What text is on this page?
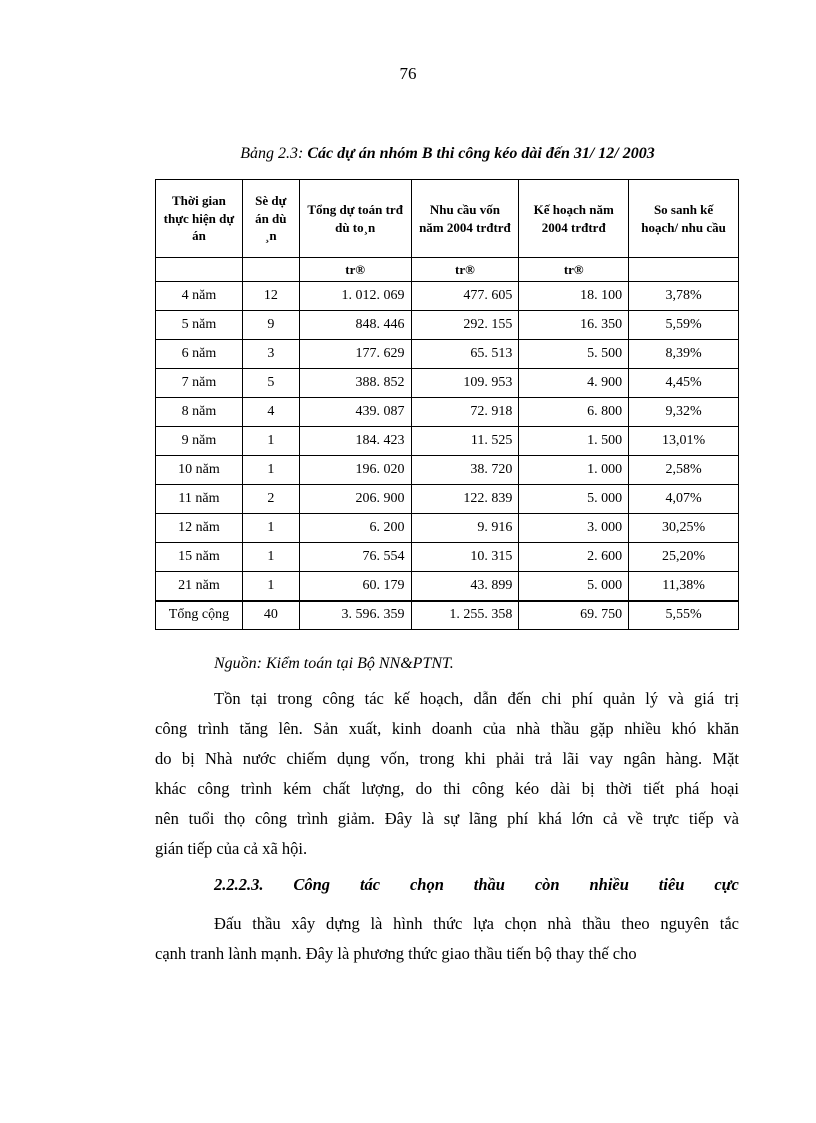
76
Bảng 2.3: Các dự án nhóm B thi công kéo dài đến 31/ 12/ 2003
Thời gian thực hiện dự án	Sè dự án dù ¸n	Tổng dự toán trđ dù to¸n	Nhu cầu vốn năm 2004 trđtrđ	Kế hoạch năm 2004 trđtrđ	So sanh kế hoạch/ nhu cầu
		tr®	tr®	tr®	
4 năm	12	1. 012. 069	477. 605	18. 100	3,78%
5 năm	9	848. 446	292. 155	16. 350	5,59%
6 năm	3	177. 629	65. 513	5. 500	8,39%
7 năm	5	388. 852	109. 953	4. 900	4,45%
8 năm	4	439. 087	72. 918	6. 800	9,32%
9 năm	1	184. 423	11. 525	1. 500	13,01%
10 năm	1	196. 020	38. 720	1. 000	2,58%
11 năm	2	206. 900	122. 839	5. 000	4,07%
12 năm	1	6. 200	9. 916	3. 000	30,25%
15 năm	1	76. 554	10. 315	2. 600	25,20%
21 năm	1	60. 179	43. 899	5. 000	11,38%
Tổng cộng	40	3. 596. 359	1. 255. 358	69. 750	5,55%
Nguồn: Kiểm toán tại Bộ NN&PTNT.
Tồn tại trong công tác kế hoạch, dẫn đến chi phí quản lý và giá trị
công trình tăng lên. Sản xuất, kinh doanh của nhà thầu gặp nhiều khó khăn
do bị Nhà nước chiếm dụng vốn, trong khi phải trả lãi vay ngân hàng. Mặt
khác công trình kém chất lượng, do thi công kéo dài bị thời tiết phá hoại
nên tuổi thọ công trình giảm. Đây là sự lãng phí khá lớn cả về trực tiếp và
gián tiếp của cả xã hội.
2.2.2.3. Công tác chọn thầu còn nhiều tiêu cực
Đấu thầu xây dựng là hình thức lựa chọn nhà thầu theo nguyên tắc
cạnh tranh lành mạnh. Đây là phương thức giao thầu tiến bộ thay thế cho
